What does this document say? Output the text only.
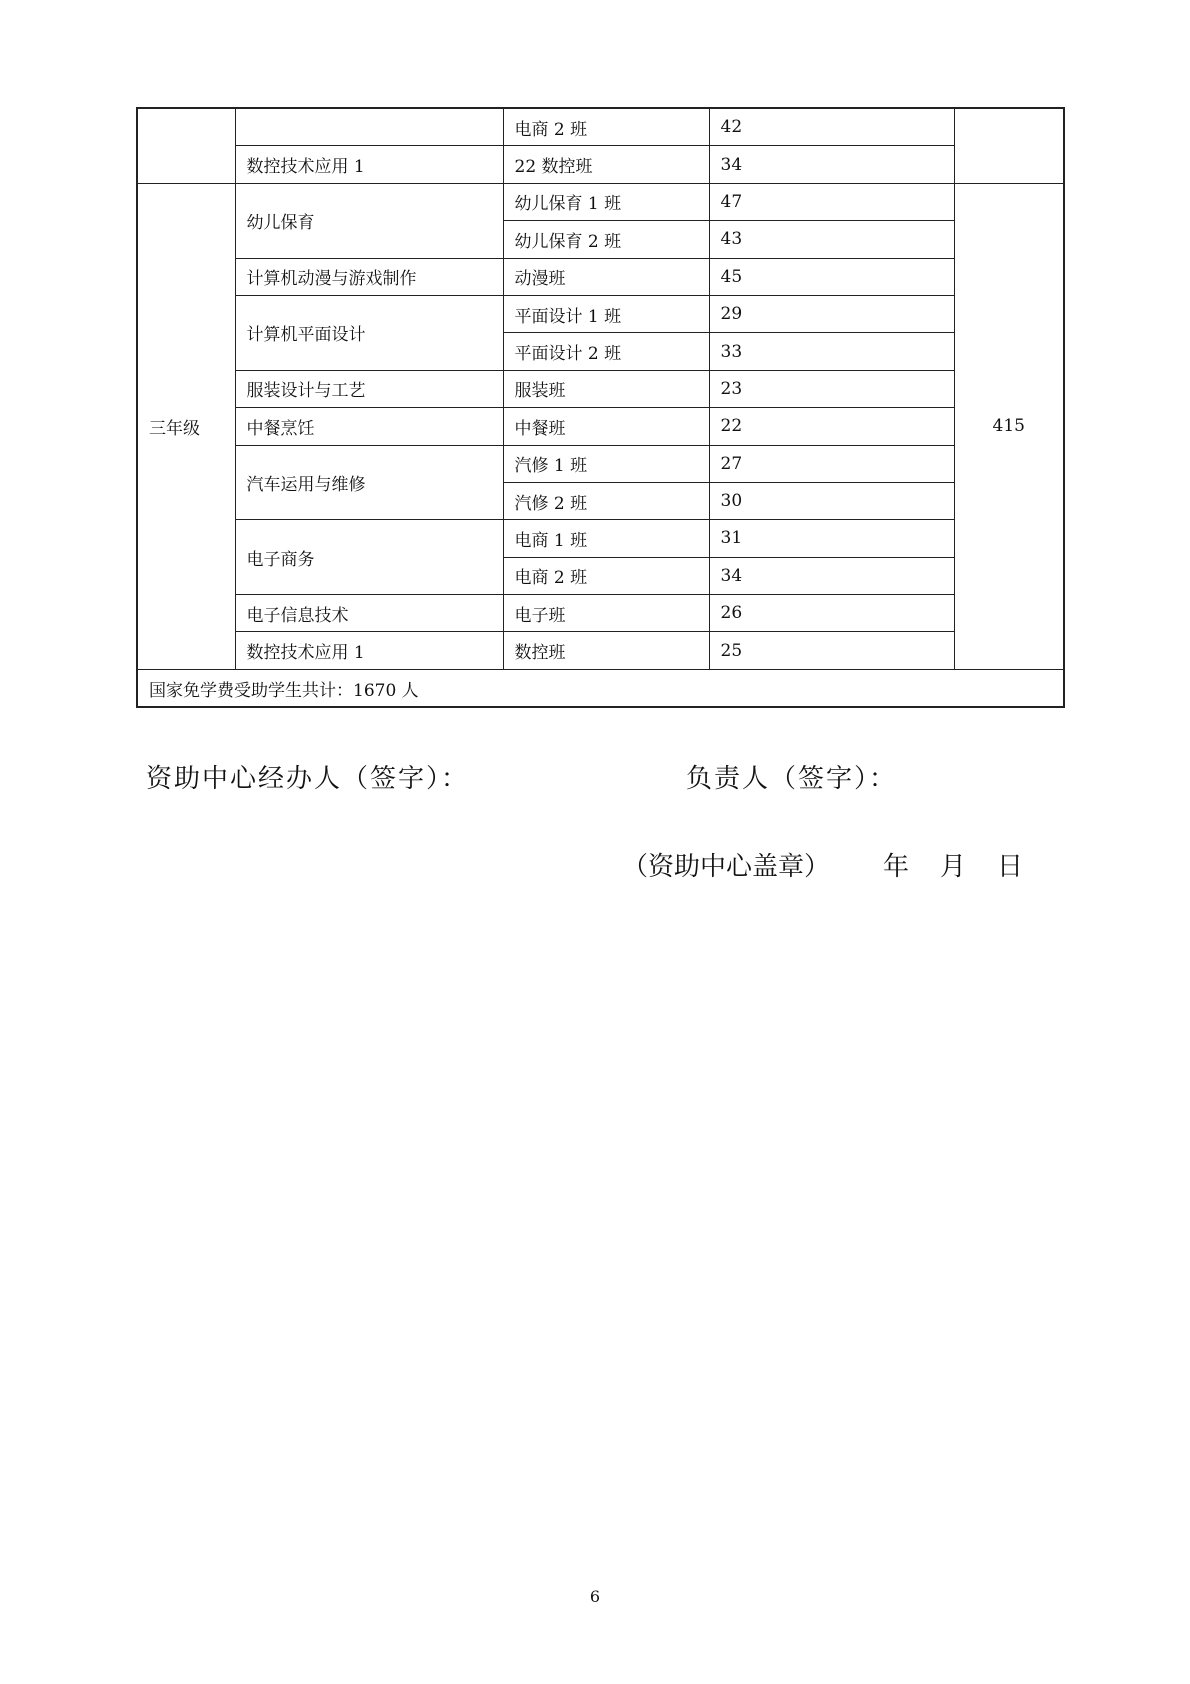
		电商 2 班	42	
	数控技术应用 1	22 数控班	34	
三年级	幼儿保育	幼儿保育 1 班	47	415
		幼儿保育 2 班	43	
	计算机动漫与游戏制作	动漫班	45	
	计算机平面设计	平面设计 1 班	29	
		平面设计 2 班	33	
	服装设计与工艺	服装班	23	
	中餐烹饪	中餐班	22	
	汽车运用与维修	汽修 1 班	27	
		汽修 2 班	30	
	电子商务	电商 1 班	31	
		电商 2 班	34	
	电子信息技术	电子班	26	
	数控技术应用 1	数控班	25	
国家免学费受助学生共计：1670 人				
资助中心经办人（签字）：	负责人（签字）：
（资助中心盖章） 年 月 日
6
